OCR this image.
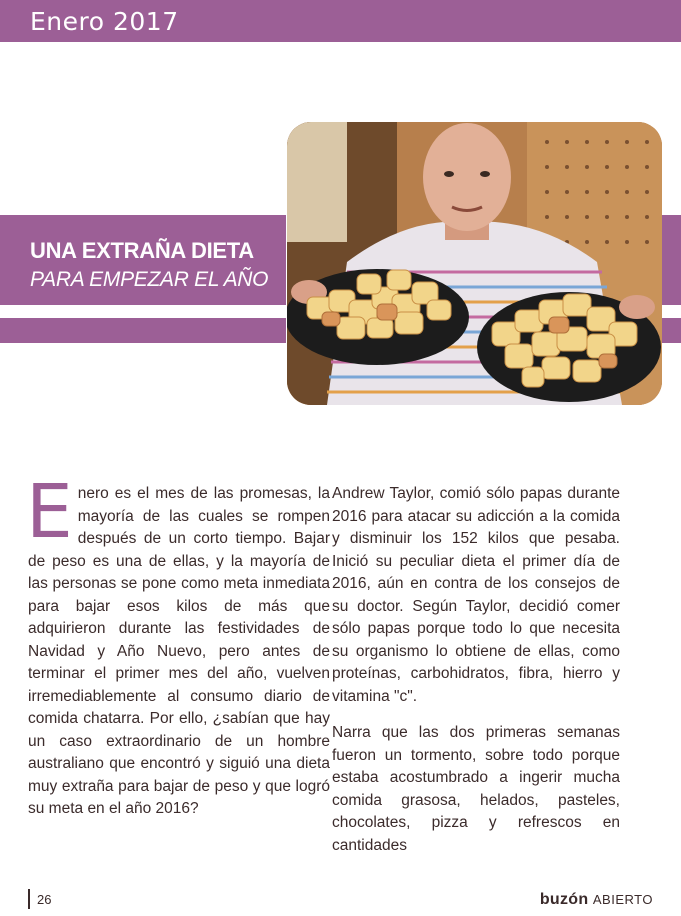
Enero 2017
UNA EXTRAÑA DIETA
PARA EMPEZAR EL AÑO

Enero es el mes de las promesas, la mayoría de las cuales se rompen después de un corto tiempo. Bajar de peso es una de ellas, y la mayoría de las personas se pone como meta inmediata para bajar esos kilos de más que adquirieron durante las festividades de Navidad y Año Nuevo, pero antes de terminar el primer mes del año, vuelven irremediablemente al consumo diario de comida chatarra. Por ello, ¿sabían que hay un caso extraordinario de un hombre australiano que encontró y siguió una dieta muy extraña para bajar de peso y que logró su meta en el año 2016?

Andrew Taylor, comió sólo papas durante 2016 para atacar su adicción a la comida y disminuir los 152 kilos que pesaba. Inició su peculiar dieta el primer día de 2016, aún en contra de los consejos de su doctor. Según Taylor, decidió comer sólo papas porque todo lo que necesita su organismo lo obtiene de ellas, como proteínas, carbohidratos, fibra, hierro y vitamina "c".

Narra que las dos primeras semanas fueron un tormento, sobre todo porque estaba acostumbrado a ingerir mucha comida grasosa, helados, pasteles, chocolates, pizza y refrescos en cantidades

26	buzón ABIERTO
